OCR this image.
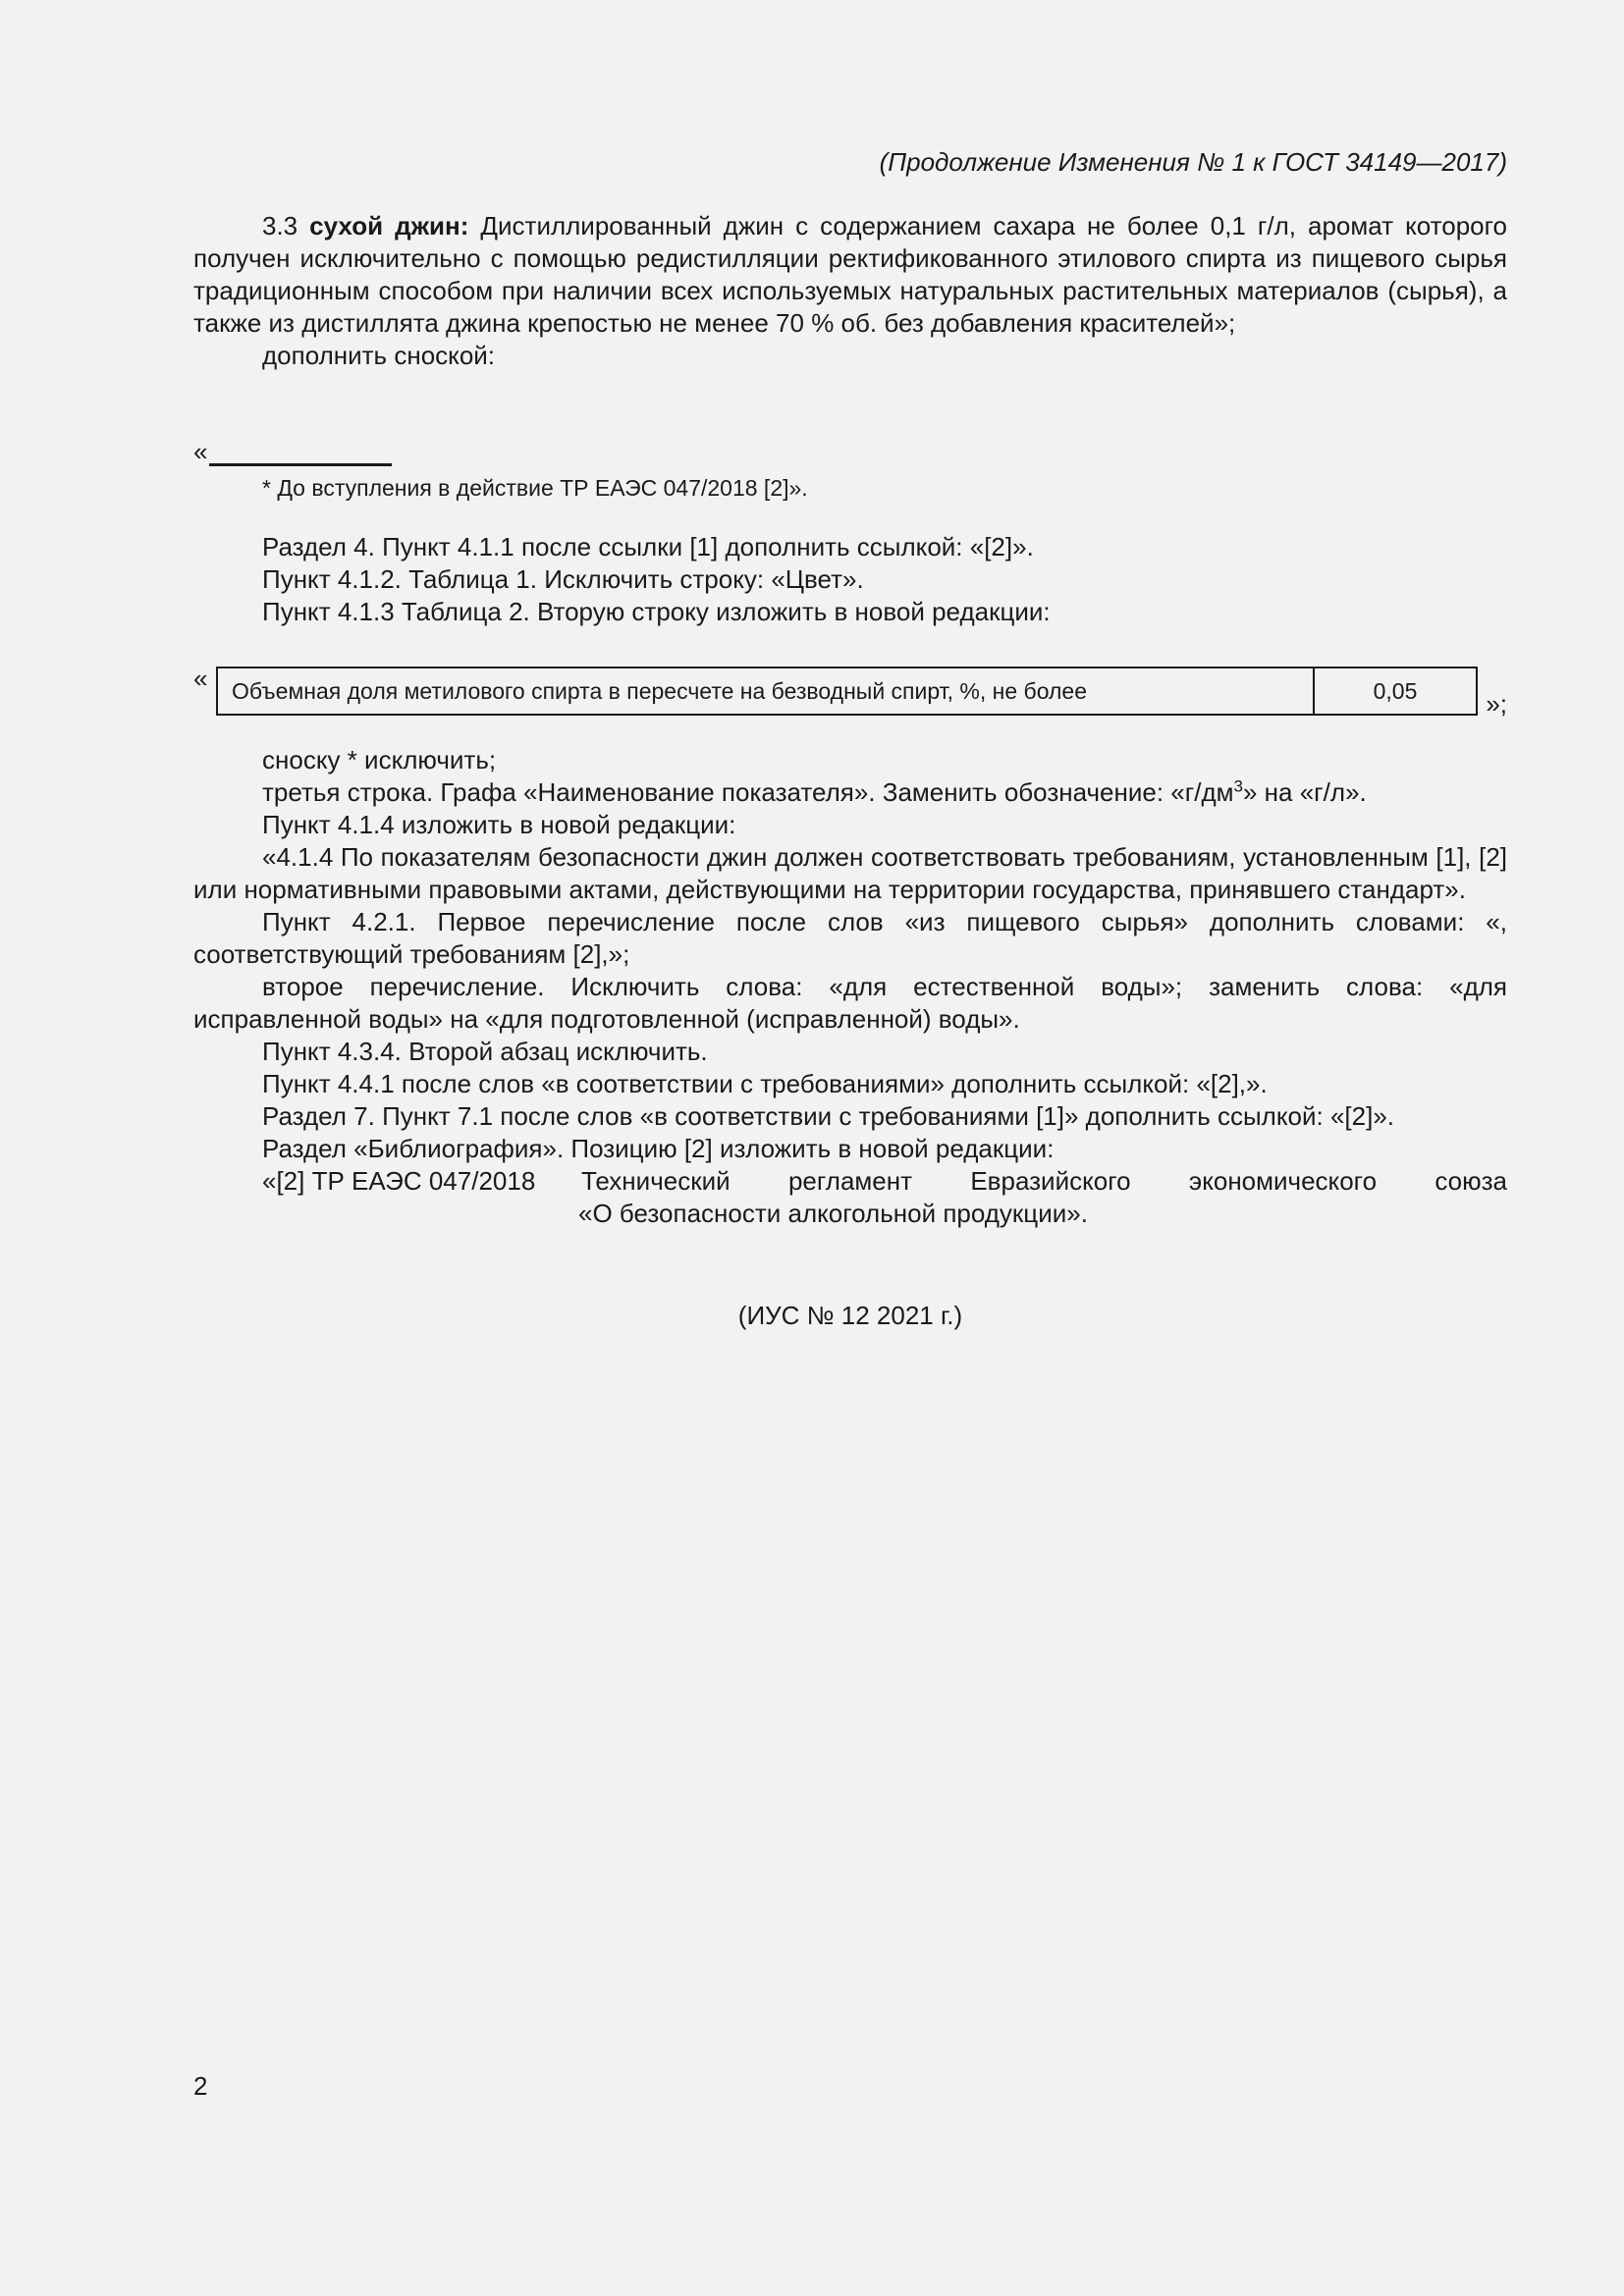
(Продолжение Изменения № 1 к ГОСТ 34149—2017)

3.3 сухой джин: Дистиллированный джин с содержанием сахара не более 0,1 г/л, аромат которого получен исключительно с помощью редистилляции ректификованного этилового спирта из пищевого сырья традиционным способом при наличии всех используемых натуральных растительных материалов (сырья), а также из дистиллята джина крепостью не менее 70 % об. без добавления красителей»;

дополнить сноской:

«
* До вступления в действие ТР ЕАЭС 047/2018 [2]».

Раздел 4. Пункт 4.1.1 после ссылки [1] дополнить ссылкой: «[2]».

Пункт 4.1.2. Таблица 1. Исключить строку: «Цвет».

Пункт 4.1.3 Таблица 2. Вторую строку изложить в новой редакции:

« Объемная доля метилового спирта в пересчете на безводный спирт, %, не более	0,05	»;

сноску * исключить;

третья строка. Графа «Наименование показателя». Заменить обозначение: «$г/дм^3$» на «г/л».

Пункт 4.1.4 изложить в новой редакции:

«4.1.4 По показателям безопасности джин должен соответствовать требованиям, установленным [1], [2] или нормативными правовыми актами, действующими на территории государства, принявшего стандарт».

Пункт 4.2.1. Первое перечисление после слов «из пищевого сырья» дополнить словами: «, соответствующий требованиям [2],»;

второе перечисление. Исключить слова: «для естественной воды»; заменить слова: «для исправленной воды» на «для подготовленной (исправленной) воды».

Пункт 4.3.4. Второй абзац исключить.

Пункт 4.4.1 после слов «в соответствии с требованиями» дополнить ссылкой: «[2],».

Раздел 7. Пункт 7.1 после слов «в соответствии с требованиями [1]» дополнить ссылкой: «[2]».

Раздел «Библиография». Позицию [2] изложить в новой редакции:

«[2] ТР ЕАЭС 047/2018	Технический регламент Евразийского экономического союза
«О безопасности алкогольной продукции».
(ИУС № 12 2021 г.)
2
